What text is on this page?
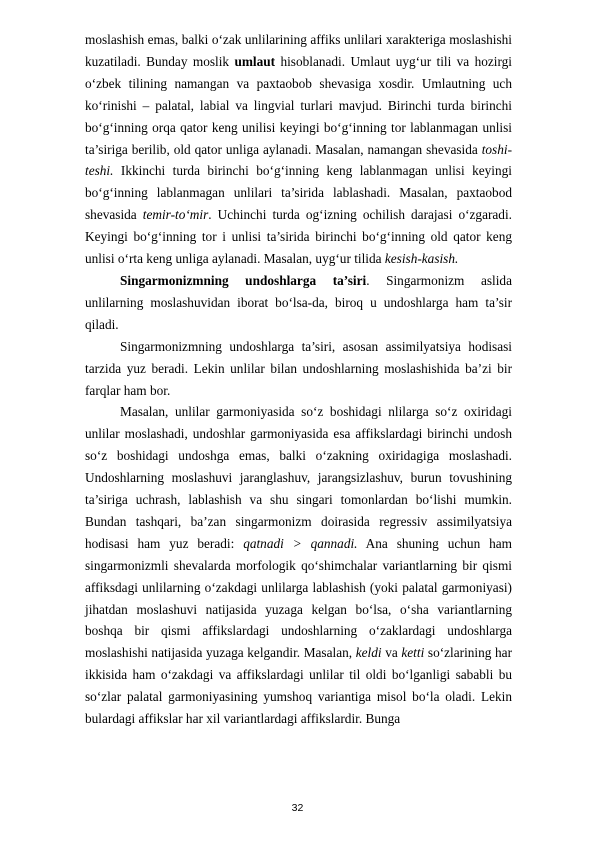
moslashish emas, balki o‘zak unlilarining affiks unlilari xarakteriga moslashishi kuzatiladi. Bunday moslik umlaut hisoblanadi. Umlaut uyg‘ur tili va hozirgi o‘zbek tilining namangan va paxtaobob shevasiga xosdir. Umlautning uch ko‘rinishi – palatal, labial va lingvial turlari mavjud. Birinchi turda birinchi bo‘g‘inning orqa qator keng unilisi keyingi bo‘g‘inning tor lablanmagan unlisi ta’siriga berilib, old qator unliga aylanadi. Masalan, namangan shevasida toshi-teshi. Ikkinchi turda birinchi bo‘g‘inning keng lablanmagan unlisi keyingi bo‘g‘inning lablanmagan unlilari ta’sirida lablashadi. Masalan, paxtaobod shevasida temir-to‘mir. Uchinchi turda og‘izning ochilish darajasi o‘zgaradi. Keyingi bo‘g‘inning tor i unlisi ta’sirida birinchi bo‘g‘inning old qator keng unlisi o‘rta keng unliga aylanadi. Masalan, uyg‘ur tilida kesish-kasish.

Singarmonizmning undoshlarga ta’siri. Singarmonizm aslida unlilarning moslashuvidan iborat bo‘lsa-da, biroq u undoshlarga ham ta’sir qiladi.

Singarmonizmning undoshlarga ta’siri, asosan assimilyatsiya hodisasi tarzida yuz beradi. Lekin unlilar bilan undoshlarning moslashishida ba’zi bir farqlar ham bor.

Masalan, unlilar garmoniyasida so‘z boshidagi nlilarga so‘z oxiridagi unlilar moslashadi, undoshlar garmoniyasida esa affikslardagi birinchi undosh so‘z boshidagi undoshga emas, balki o‘zakning oxiridagiga moslashadi. Undoshlarning moslashuvi jaranglashuv, jarangsizlashuv, burun tovushining ta’siriga uchrash, lablashish va shu singari tomonlardan bo‘lishi mumkin. Bundan tashqari, ba’zan singarmonizm doirasida regressiv assimilyatsiya hodisasi ham yuz beradi: qatnadi > qannadi. Ana shuning uchun ham singarmonizmli shevalarda morfologik qo‘shimchalar variantlarning bir qismi affiksdagi unlilarning o‘zakdagi unlilarga lablashish (yoki palatal garmoniyasi) jihatdan moslashuvi natijasida yuzaga kelgan bo‘lsa, o‘sha variantlarning boshqa bir qismi affikslardagi undoshlarning o‘zaklardagi undoshlarga moslashishi natijasida yuzaga kelgandir. Masalan, keldi va ketti so‘zlarining har ikkisida ham o‘zakdagi va affikslardagi unlilar til oldi bo‘lganligi sababli bu so‘zlar palatal garmoniyasining yumshoq variantiga misol bo‘la oladi. Lekin bulardagi affikslar har xil variantlardagi affikslardir. Bunga

32
